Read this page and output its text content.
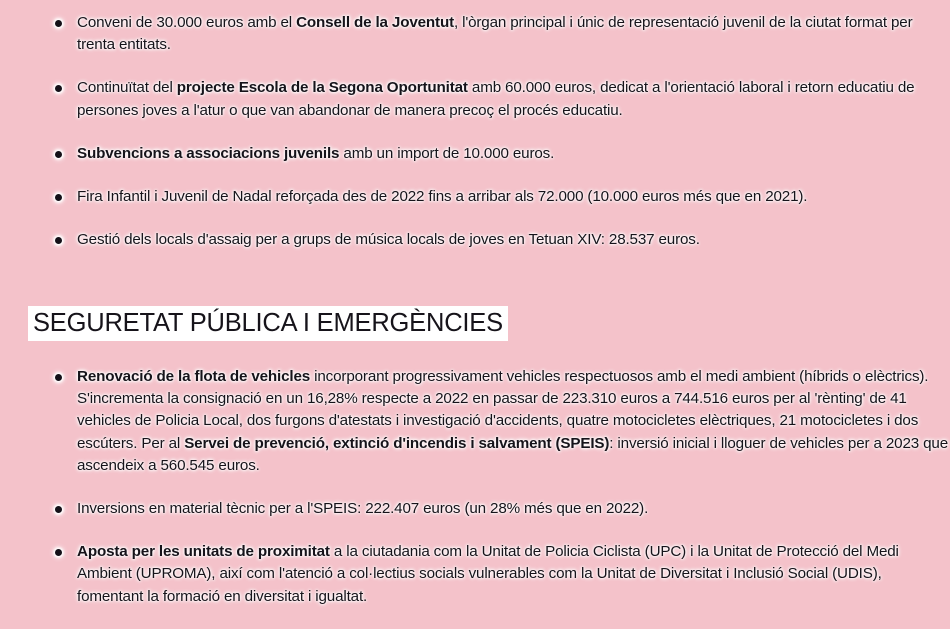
Conveni de 30.000 euros amb el Consell de la Joventut, l'òrgan principal i únic de representació juvenil de la ciutat format per trenta entitats.
Continuïtat del projecte Escola de la Segona Oportunitat amb 60.000 euros, dedicat a l'orientació laboral i retorn educatiu de persones joves a l'atur o que van abandonar de manera precoç el procés educatiu.
Subvencions a associacions juvenils amb un import de 10.000 euros.
Fira Infantil i Juvenil de Nadal reforçada des de 2022 fins a arribar als 72.000 (10.000 euros més que en 2021).
Gestió dels locals d'assaig per a grups de música locals de joves en Tetuan XIV: 28.537 euros.
SEGURETAT PÚBLICA I EMERGÈNCIES
Renovació de la flota de vehicles incorporant progressivament vehicles respectuosos amb el medi ambient (híbrids o elèctrics). S'incrementa la consignació en un 16,28% respecte a 2022 en passar de 223.310 euros a 744.516 euros per al 'rènting' de 41 vehicles de Policia Local, dos furgons d'atestats i investigació d'accidents, quatre motocicletes elèctriques, 21 motocicletes i dos escúters. Per al Servei de prevenció, extinció d'incendis i salvament (SPEIS): inversió inicial i lloguer de vehicles per a 2023 que ascendeix a 560.545 euros.
Inversions en material tècnic per a l'SPEIS: 222.407 euros (un 28% més que en 2022).
Aposta per les unitats de proximitat a la ciutadania com la Unitat de Policia Ciclista (UPC) i la Unitat de Protecció del Medi Ambient (UPROMA), així com l'atenció a col·lectius socials vulnerables com la Unitat de Diversitat i Inclusió Social (UDIS), fomentant la formació en diversitat i igualtat.
